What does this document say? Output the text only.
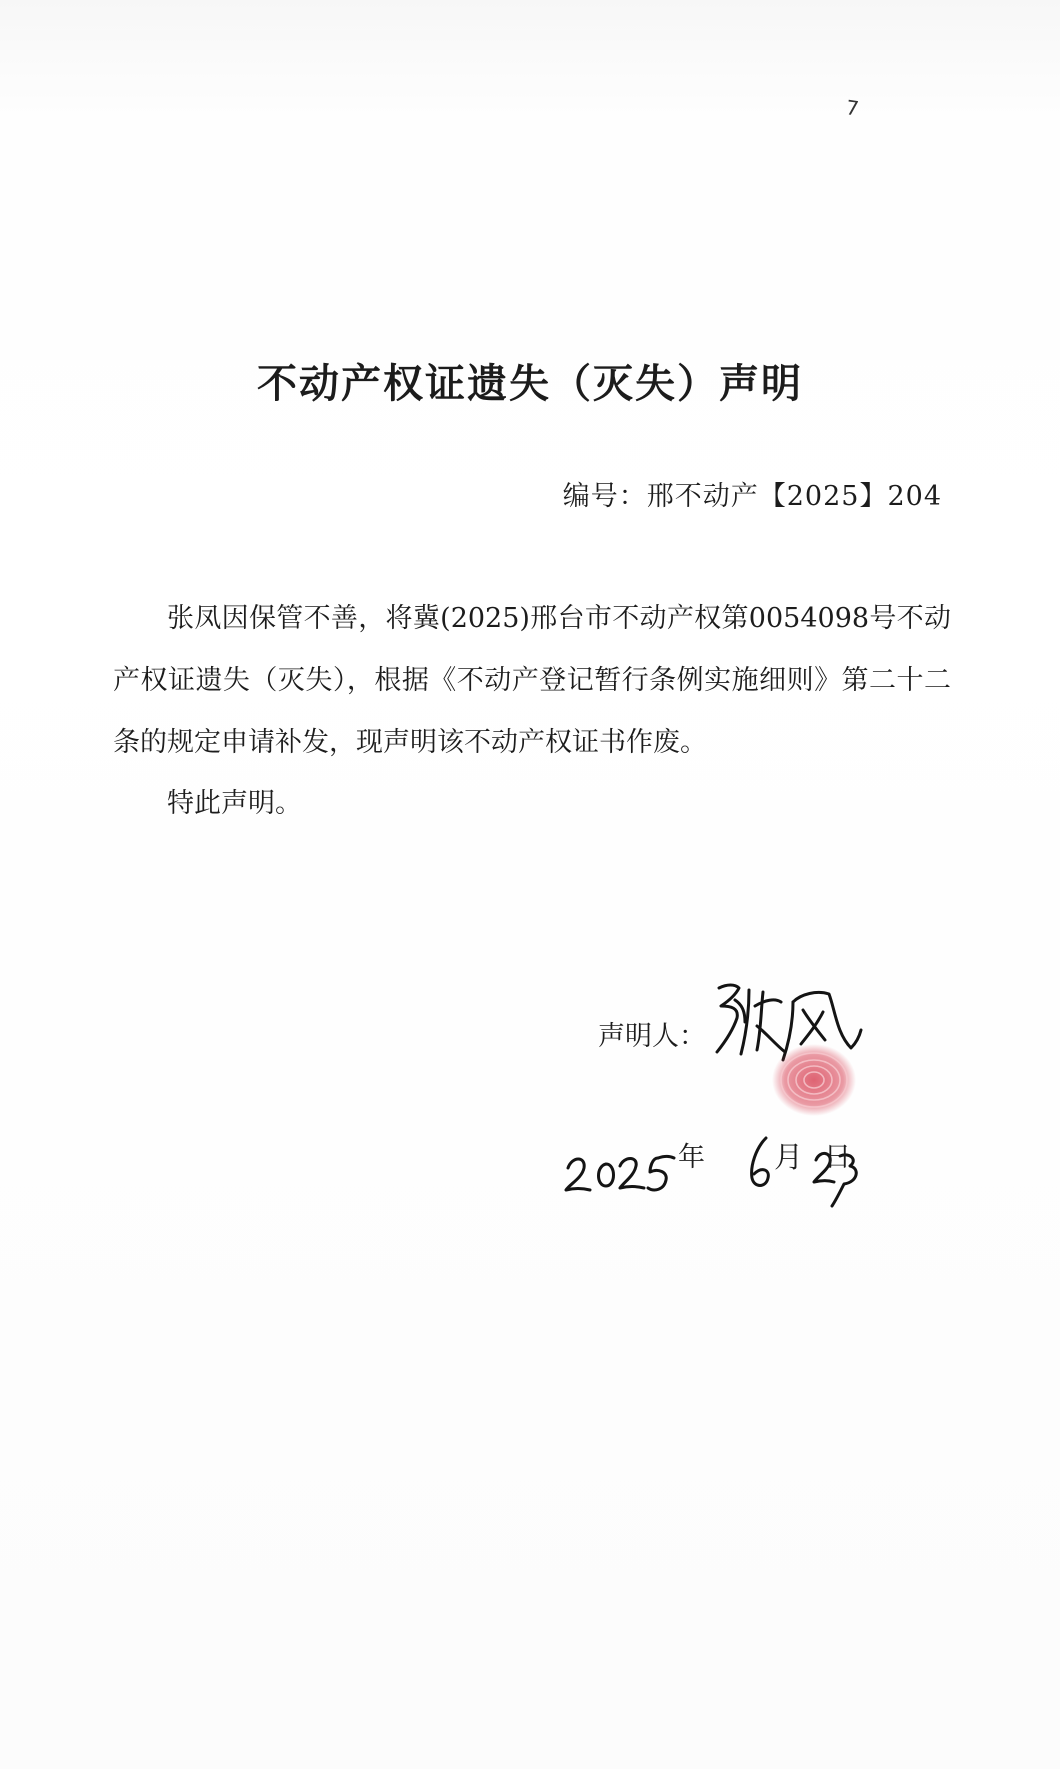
7
不动产权证遗失（灭失）声明
编号：邢不动产【2025】204

张凤因保管不善，将冀(2025)邢台市不动产权第0054098号不动产权证遗失（灭失），根据《不动产登记暂行条例实施细则》第二十二条的规定申请补发，现声明该不动产权证书作废。

特此声明。
声明人：
年	日
月
